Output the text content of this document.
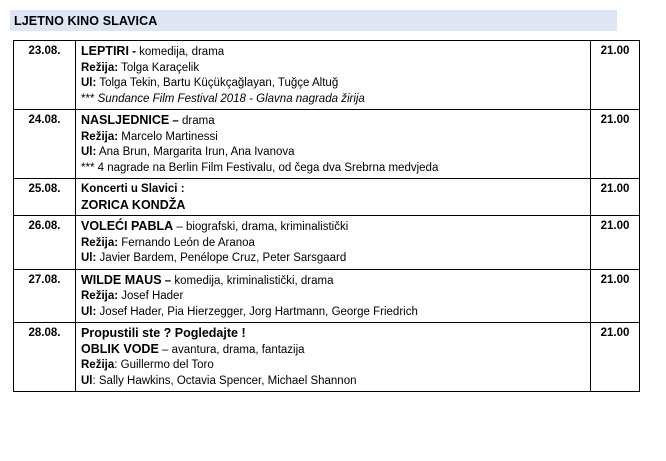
LJETNO KINO SLAVICA
23.08.	LEPTIRI - komedija, drama
Režija: Tolga Karaçelik
Ul: Tolga Tekin, Bartu Küçükçağlayan, Tuğçe Altuğ
*** Sundance Film Festival 2018 - Glavna nagrada žirija	21.00
24.08.	NASLJEDNICE – drama
Režija: Marcelo Martinessi
Ul: Ana Brun, Margarita Irun, Ana Ivanova
*** 4 nagrade na Berlin Film Festivalu, od čega dva Srebrna medvjeda	21.00
25.08.	Koncerti u Slavici :
ZORICA KONDŽA	21.00
26.08.	VOLEĆI PABLA – biografski, drama, kriminalistički
Režija: Fernando León de Aranoa
Ul: Javier Bardem, Penélope Cruz, Peter Sarsgaard	21.00
27.08.	WILDE MAUS – komedija, kriminalistički, drama
Režija: Josef Hader
Ul: Josef Hader, Pia Hierzegger, Jorg Hartmann, George Friedrich	21.00
28.08.	Propustili ste ? Pogledajte !
OBLIK VODE – avantura, drama, fantazija
Režija: Guillermo del Toro
Ul: Sally Hawkins, Octavia Spencer, Michael Shannon	21.00
